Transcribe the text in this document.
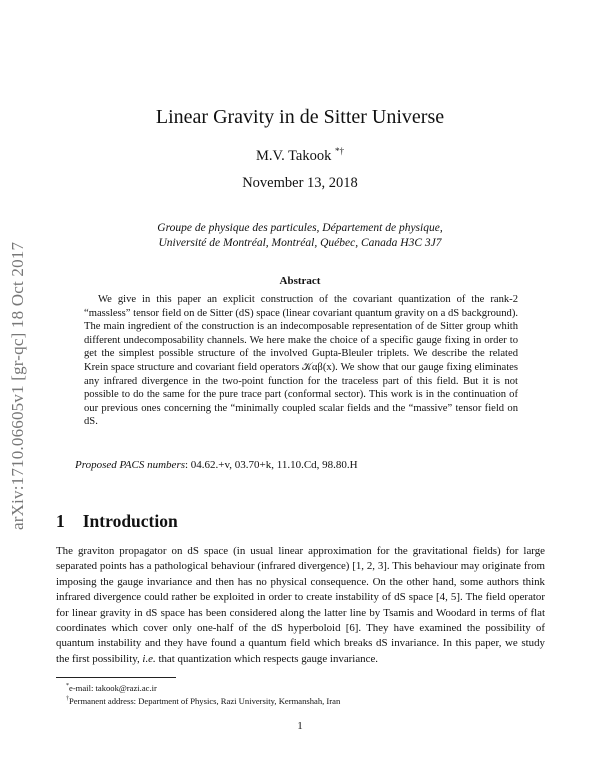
arXiv:1710.06605v1 [gr-qc] 18 Oct 2017
Linear Gravity in de Sitter Universe
M.V. Takook *†
November 13, 2018
Groupe de physique des particules, Département de physique,
Université de Montréal, Montréal, Québec, Canada H3C 3J7
Abstract

We give in this paper an explicit construction of the covariant quantization of the rank-2 “massless” tensor field on de Sitter (dS) space (linear covariant quantum gravity on a dS background). The main ingredient of the construction is an indecomposable representation of de Sitter group whith different undecomposability channels. We here make the choice of a specific gauge fixing in order to get the simplest possible structure of the involved Gupta-Bleuler triplets. We describe the related Krein space structure and covariant field operators 𝒦αβ(x). We show that our gauge fixing eliminates any infrared divergence in the two-point function for the traceless part of this field. But it is not possible to do the same for the pure trace part (conformal sector). This work is in the continuation of our previous ones concerning the “minimally coupled scalar fields and the “massive” tensor field on dS.

Proposed PACS numbers: 04.62.+v, 03.70+k, 11.10.Cd, 98.80.H
1 Introduction

The graviton propagator on dS space (in usual linear approximation for the gravitational fields) for large separated points has a pathological behaviour (infrared divergence) [1, 2, 3]. This behaviour may originate from imposing the gauge invariance and then has no physical consequence. On the other hand, some authors think infrared divergence could rather be exploited in order to create instability of dS space [4, 5]. The field operator for linear gravity in dS space has been considered along the latter line by Tsamis and Woodard in terms of flat coordinates which cover only one-half of the dS hyperboloid [6]. They have examined the possibility of quantum instability and they have found a quantum field which breaks dS invariance. In this paper, we study the first possibility, i.e. that quantization which respects gauge invariance.

*e-mail: takook@razi.ac.ir
†Permanent address: Department of Physics, Razi University, Kermanshah, Iran
1
